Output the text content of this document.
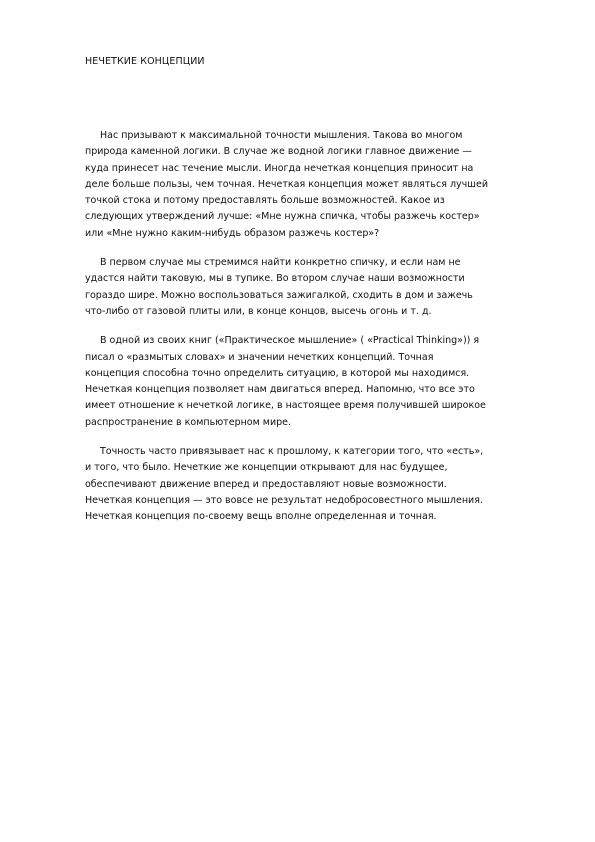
НЕЧЕТКИЕ КОНЦЕПЦИИ
Нас призывают к максимальной точности мышления. Такова во многом
природа каменной логики. В случае же водной логики главное движение —
куда принесет нас течение мысли. Иногда нечеткая концепция приносит на
деле больше пользы, чем точная. Нечеткая концепция может являться лучшей
точкой стока и потому предоставлять больше возможностей. Какое из
следующих утверждений лучше: «Мне нужна спичка, чтобы разжечь костер»
или «Мне нужно каким-нибудь образом разжечь костер»?
В первом случае мы стремимся найти конкретно спичку, и если нам не
удастся найти таковую, мы в тупике. Во втором случае наши возможности
гораздо шире. Можно воспользоваться зажигалкой, сходить в дом и зажечь
что-либо от газовой плиты или, в конце концов, высечь огонь и т. д.
В одной из своих книг («Практическое мышление» ( «Practical Thinking»)) я
писал о «размытых словах» и значении нечетких концепций. Точная
концепция способна точно определить ситуацию, в которой мы находимся.
Нечеткая концепция позволяет нам двигаться вперед. Напомню, что все это
имеет отношение к нечеткой логике, в настоящее время получившей широкое
распространение в компьютерном мире.
Точность часто привязывает нас к прошлому, к категории того, что «есть»,
и того, что было. Нечеткие же концепции открывают для нас будущее,
обеспечивают движение вперед и предоставляют новые возможности.
Нечеткая концепция — это вовсе не результат недобросовестного мышления.
Нечеткая концепция по-своему вещь вполне определенная и точная.
